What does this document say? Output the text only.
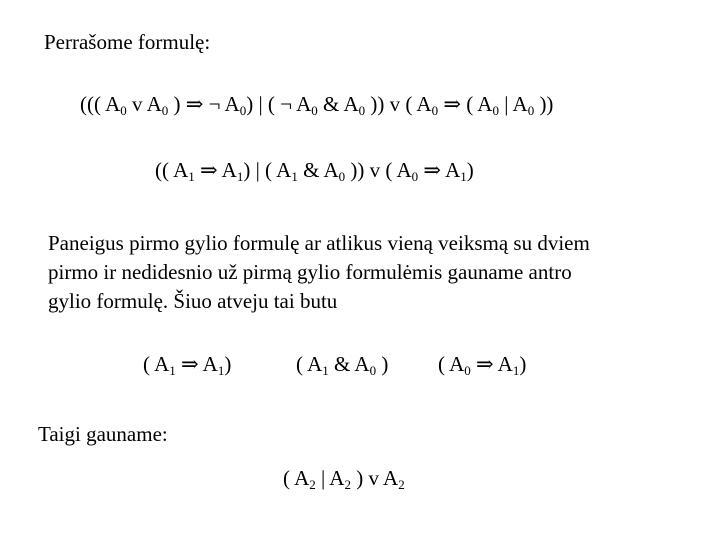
Perrašome formulę:
((( $A_0$ v $A_0$ ) ⇒ ¬ $A_0$) | ( ¬ $A_0$ & $A_0$ )) v ( $A_0$ ⇒ ( $A_0$ | $A_0$ ))
(( $A_1$ ⇒ $A_1$) | ( $A_1$ & $A_0$ )) v ( $A_0$ ⇒ $A_1$)
Paneigus pirmo gylio formulę ar atlikus vieną veiksmą su dviem
pirmo ir nedidesnio už pirmą gylio formulėmis gauname antro
gylio formulę. Šiuo atveju tai butu
( $A_1$ ⇒ $A_1$)	( $A_1$ & $A_0$ ) ( $A_0$ ⇒ $A_1$)
Taigi gauname:
( $A_2$ | $A_2$ ) v $A_2$
